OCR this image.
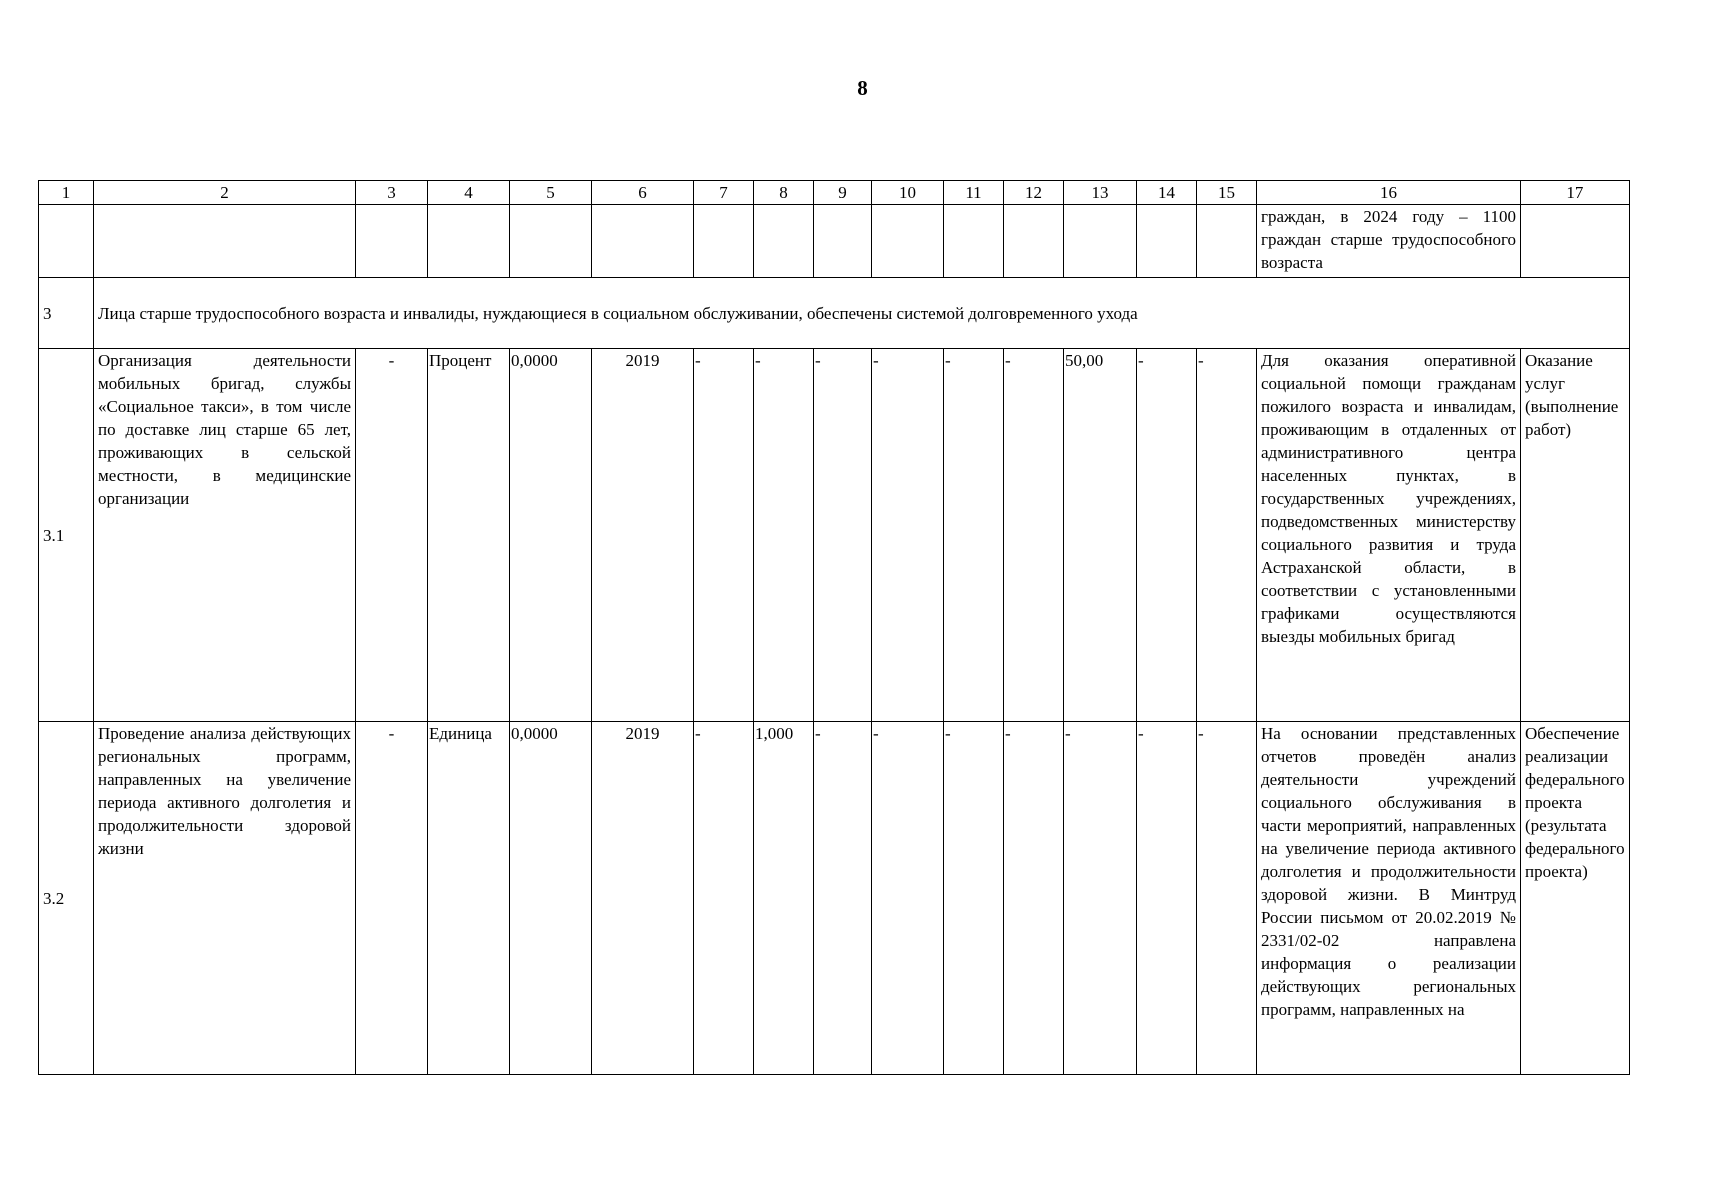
8
1	2	3	4	5	6	7	8	9	10	11	12	13	14	15	16	17
															граждан, в 2024 году – 1100 граждан старше трудоспособного возраста	
3	Лица старше трудоспособного возраста и инвалиды, нуждающиеся в социальном обслуживании, обеспечены системой долговременного ухода															
3.1	Организация деятельности мобильных бригад, службы «Социальное такси», в том числе по доставке лиц старше 65 лет, проживающих в сельской местности, в медицинские организации	-	Процент	0,0000	2019	-	-	-	-	-	-	50,00	-	-	Для оказания оперативной социальной помощи гражданам пожилого возраста и инвалидам, проживающим в отдаленных от административного центра населенных пунктах, в государственных учреждениях, подведомственных министерству социального развития и труда Астраханской области, в соответствии с установленными графиками осуществляются выезды мобильных бригад	Оказание услуг (выполнение работ)
3.2	Проведение анализа действующих региональных программ, направленных на увеличение периода активного долголетия и продолжительности здоровой жизни	-	Единица	0,0000	2019	-	1,000	-	-	-	-	-	-	-	На основании представленных отчетов проведён анализ деятельности учреждений социального обслуживания в части мероприятий, направленных на увеличение периода активного долголетия и продолжительности здоровой жизни. В Минтруд России письмом от 20.02.2019 № 2331/02-02 направлена информация о реализации действующих региональных программ, направленных на	Обеспечение реализации федерального проекта (результата федерального проекта)
